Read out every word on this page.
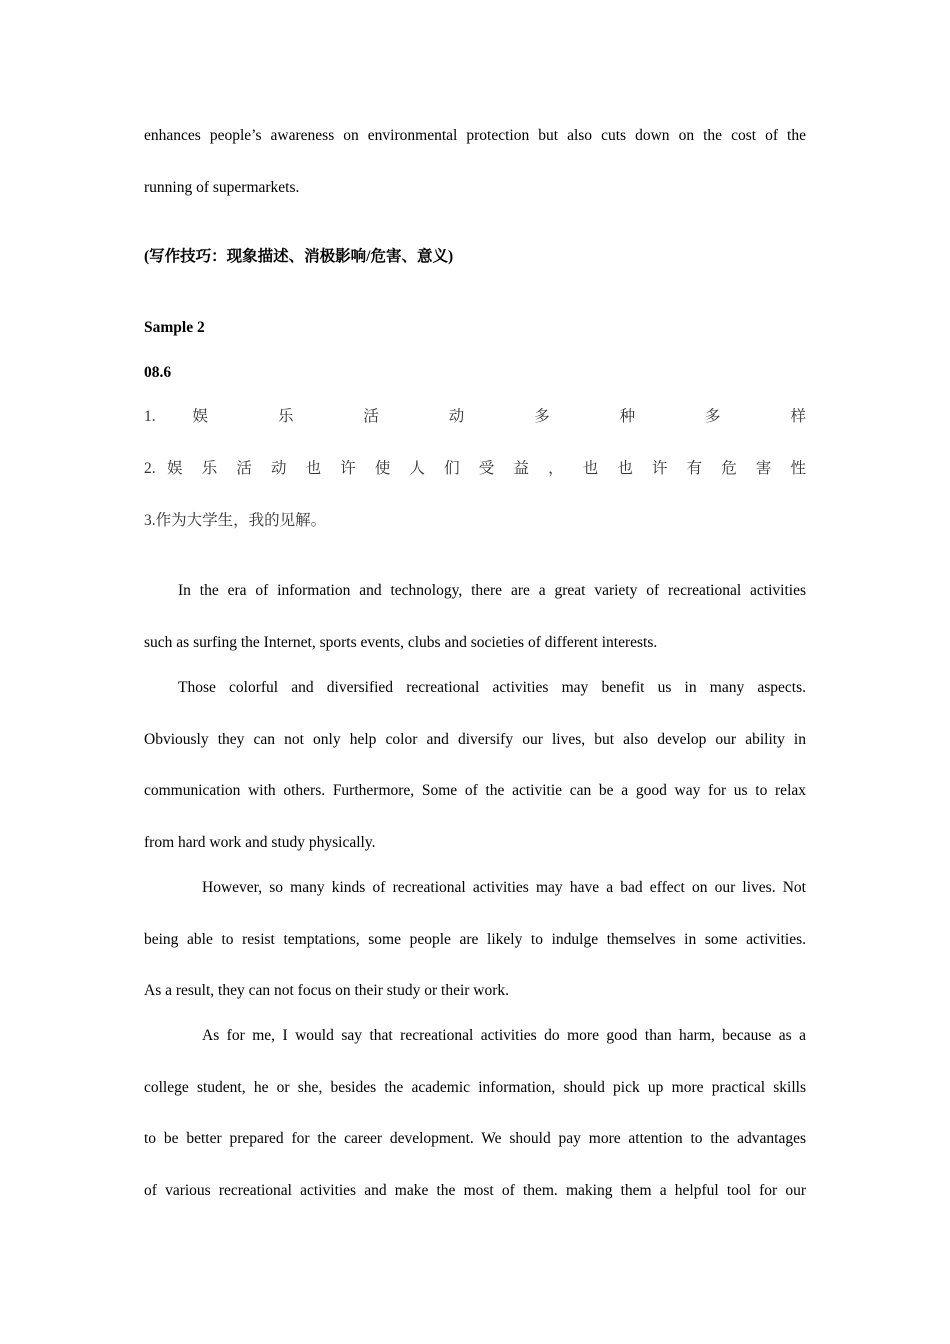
enhances people’s awareness on environmental protection but also cuts down on the cost of the
running of supermarkets.
(写作技巧：现象描述、消极影响/危害、意义)
Sample 2
08.6
1. 娱 乐 活 动 多 种 多 样
2. 娱 乐 活 动 也 许 使 人 们 受 益 ， 也 也 许 有 危 害 性
3.作为大学生，我的见解。
In the era of information and technology, there are a great variety of recreational activities
such as surfing the Internet, sports events, clubs and societies of different interests.
Those colorful and diversified recreational activities may benefit us in many aspects.
Obviously they can not only help color and diversify our lives, but also develop our ability in
communication with others. Furthermore, Some of the activitie can be a good way for us to relax
from hard work and study physically.
However, so many kinds of recreational activities may have a bad effect on our lives. Not
being able to resist temptations, some people are likely to indulge themselves in some activities.
As a result, they can not focus on their study or their work.
As for me, I would say that recreational activities do more good than harm, because as a
college student, he or she, besides the academic information, should pick up more practical skills
to be better prepared for the career development. We should pay more attention to the advantages
of various recreational activities and make the most of them. making them a helpful tool for our
